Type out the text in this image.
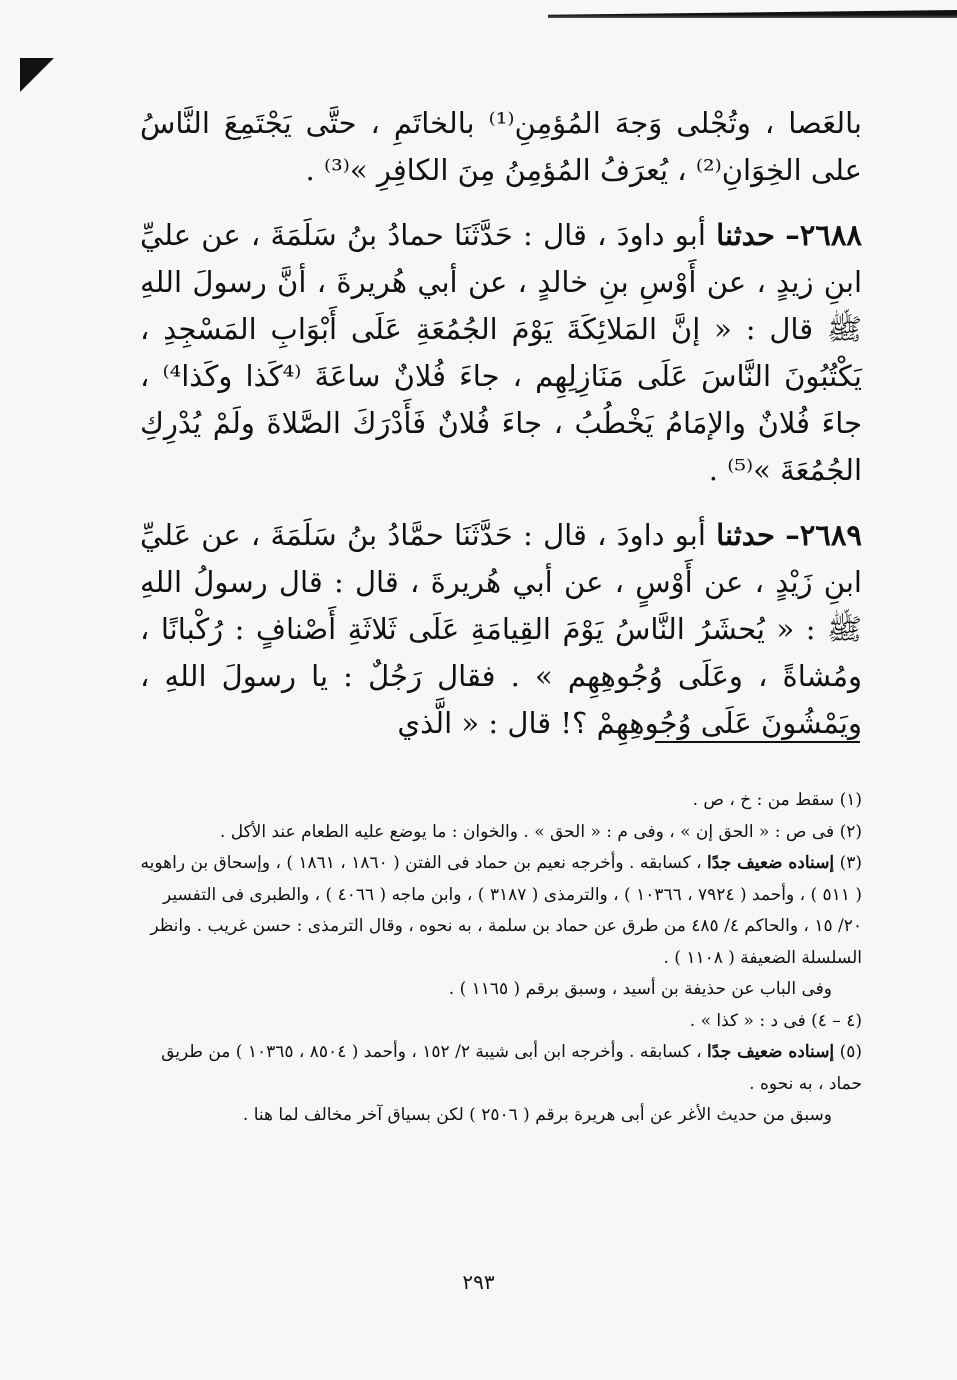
بالعَصا ، وتُجْلى وَجهَ المُؤمِنِ⁽¹⁾ بالخاتَمِ ، حتَّى يَجْتَمِعَ النَّاسُ على الخِوَانِ⁽²⁾ ، يُعرَفُ المُؤمِنُ مِنَ الكافِرِ »⁽³⁾ .

٢٦٨٨– حدثنا أبو داودَ ، قال : حَدَّثَنَا حمادُ بنُ سَلَمَةَ ، عن عليِّ ابنِ زيدٍ ، عن أَوْسِ بنِ خالدٍ ، عن أبي هُريرةَ ، أنَّ رسولَ اللهِ ﷺ قال : « إنَّ المَلائِكَةَ يَوْمَ الجُمُعَةِ عَلَى أَبْوَابِ المَسْجِدِ ، يَكْتُبُونَ النَّاسَ عَلَى مَنَازِلِهِم ، جاءَ فُلانٌ ساعَةَ ⁽⁴كَذا وكَذا⁴⁾ ، جاءَ فُلانٌ والإمَامُ يَخْطُبُ ، جاءَ فُلانٌ فَأَدْرَكَ الصَّلاةَ ولَمْ يُدْرِكِ الجُمُعَةَ »⁽⁵⁾ .

٢٦٨٩– حدثنا أبو داودَ ، قال : حَدَّثَنَا حمَّادُ بنُ سَلَمَةَ ، عن عَليِّ ابنِ زَيْدٍ ، عن أَوْسٍ ، عن أبي هُريرةَ ، قال : قال رسولُ اللهِ ﷺ : « يُحشَرُ النَّاسُ يَوْمَ القِيامَةِ عَلَى ثَلاثَةِ أَصْنافٍ : رُكْبانًا ، ومُشاةً ، وعَلَى وُجُوهِهِم » . فقال رَجُلٌ : يا رسولَ اللهِ ، ويَمْشُونَ عَلَى وُجُوهِهِمْ ؟! قال : « الَّذي

(١) سقط من : خ ، ص .

(٢) فى ص : « الحق إن » ، وفى م : « الحق » . والخوان : ما يوضع عليه الطعام عند الأكل .

(٣) إسناده ضعيف جدًا ، كسابقه . وأخرجه نعيم بن حماد فى الفتن ( ١٨٦٠ ، ١٨٦١ ) ، وإسحاق بن راهويه ( ٥١١ ) ، وأحمد ( ٧٩٢٤ ، ١٠٣٦٦ ) ، والترمذى ( ٣١٨٧ ) ، وابن ماجه ( ٤٠٦٦ ) ، والطبرى فى التفسير ٢٠/ ١٥ ، والحاكم ٤/ ٤٨٥ من طرق عن حماد بن سلمة ، به نحوه ، وقال الترمذى : حسن غريب . وانظر السلسلة الضعيفة ( ١١٠٨ ) .

وفى الباب عن حذيفة بن أسيد ، وسبق برقم ( ١١٦٥ ) .

(٤ – ٤) فى د : « كذا » .

(٥) إسناده ضعيف جدًا ، كسابقه . وأخرجه ابن أبى شيبة ٢/ ١٥٢ ، وأحمد ( ٨٥٠٤ ، ١٠٣٦٥ ) من طريق حماد ، به نحوه .

وسبق من حديث الأغر عن أبى هريرة برقم ( ٢٥٠٦ ) لكن بسياق آخر مخالف لما هنا .

٢٩٣
